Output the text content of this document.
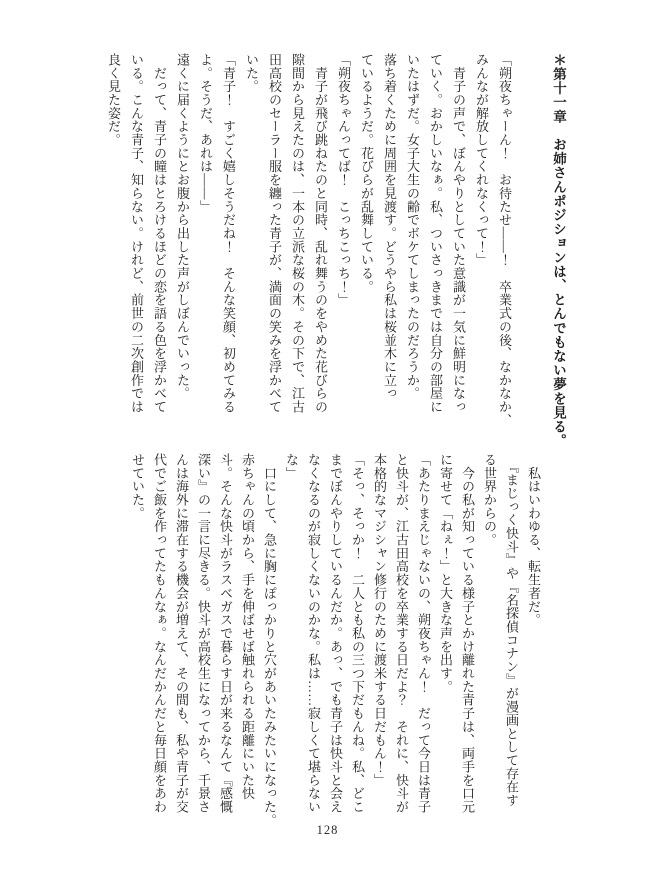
＊第十一章　お姉さんポジションは、とんでもない夢を見る。
「朔夜ちゃーん！　お待たせ――！　卒業式の後、なかなか、
みんなが解放してくれなくって！」
　青子の声で、ぼんやりとしていた意識が一気に鮮明になっ
ていく。おかしいなぁ。私、ついさっきまでは自分の部屋に
いたはずだ。女子大生の齢でボケてしまったのだろうか。
落ち着くために周囲を見渡す。どうやら私は桜並木に立っ
ているようだ。花びらが乱舞している。
「朔夜ちゃんってば！　こっちこっち！」
　青子が飛び跳ねたのと同時、乱れ舞うのをやめた花びらの
隙間から見えたのは、一本の立派な桜の木。その下で、江古
田高校のセーラー服を纏った青子が、満面の笑みを浮かべて
いた。
「青子！　すごく嬉しそうだね！　そんな笑顔、初めてみる
よ。そうだ、あれは――」
遠くに届くようにとお腹から出した声がしぼんでいった。
　だって、青子の瞳はとろけるほどの恋を語る色を浮かべて
いる。こんな青子、知らない。けれど、前世の二次創作では
良く見た姿だ。
　私はいわゆる、転生者だ。
　『まじっく快斗』や『名探偵コナン』が漫画として存在す
る世界からの。
　今の私が知っている様子とかけ離れた青子は、両手を口元
に寄せて「ねぇ！」と大きな声を出す。
「あたりまえじゃないの、朔夜ちゃん！　だって今日は青子
と快斗が、江古田高校を卒業する日だよ？　それに、快斗が
本格的なマジシャン修行のために渡米する日だもん！」
「そっ、そっか！　二人とも私の三つ下だもんね。私、どこ
までぼんやりしているんだか。あっ、でも青子は快斗と会え
なくなるのが寂しくないのかな。私は……寂しくて堪らない
な」
　口にして、急に胸にぽっかりと穴があいたみたいになった。
赤ちゃんの頃から、手を伸ばせば触れられる距離にいた快
斗。そんな快斗がラスベガスで暮らす日が来るなんて『感慨
深い』の一言に尽きる。快斗が高校生になってから、千景さ
んは海外に滞在する機会が増えて、その間も、私や青子が交
代でご飯を作ってたもんなぁ。なんだかんだと毎日顔をあわ
せていた。
128
